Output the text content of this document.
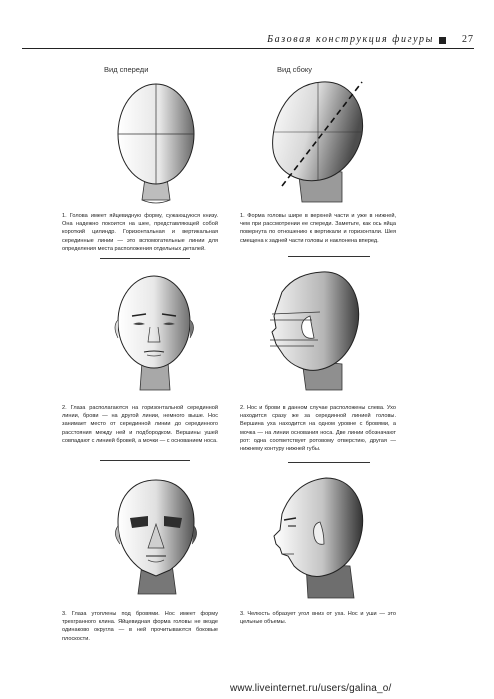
Базовая конструкция фигуры	27
Вид спереди	Вид сбоку
1. Голова имеет яйцевидную форму, сужающуюся книзу. Она надежно покоится на шее, представляющей собой короткий цилиндр. Горизонтальная и вертикальная серединные линии — это вспомогательные линии для определения места расположения отдельных деталей.
1. Форма головы шире в верхней части и уже в нижней, чем при рассмотрении ее спереди. Заметьте, как ось яйца повернута по отношению к вертикали и горизонтали. Шея смещена к задней части головы и наклонена вперед.
2. Глаза располагаются на горизонтальной серединной линии, брови — на другой линии, немного выше. Нос занимает место от серединной линии до серединного расстояния между ней и подбородком. Вершины ушей совпадают с линией бровей, а мочки — с основанием носа.
2. Нос и брови в данном случае расположены слева. Ухо находится сразу же за серединной линией головы. Вершина уха находится на одном уровне с бровями, а мочка — на линии основания носа. Две линии обозначают рот: одна соответствует ротовому отверстию, другая — нижнему контуру нижней губы.
3. Глаза утоплены под бровями. Нос имеет форму трехгранного клина. Яйцевидная форма головы не везде одинаково округла — в ней прочитываются боковые плоскости.
3. Челюсть образует угол вниз от уха. Нос и уши — это цельные объемы.
www.liveinternet.ru/users/galina_o/
